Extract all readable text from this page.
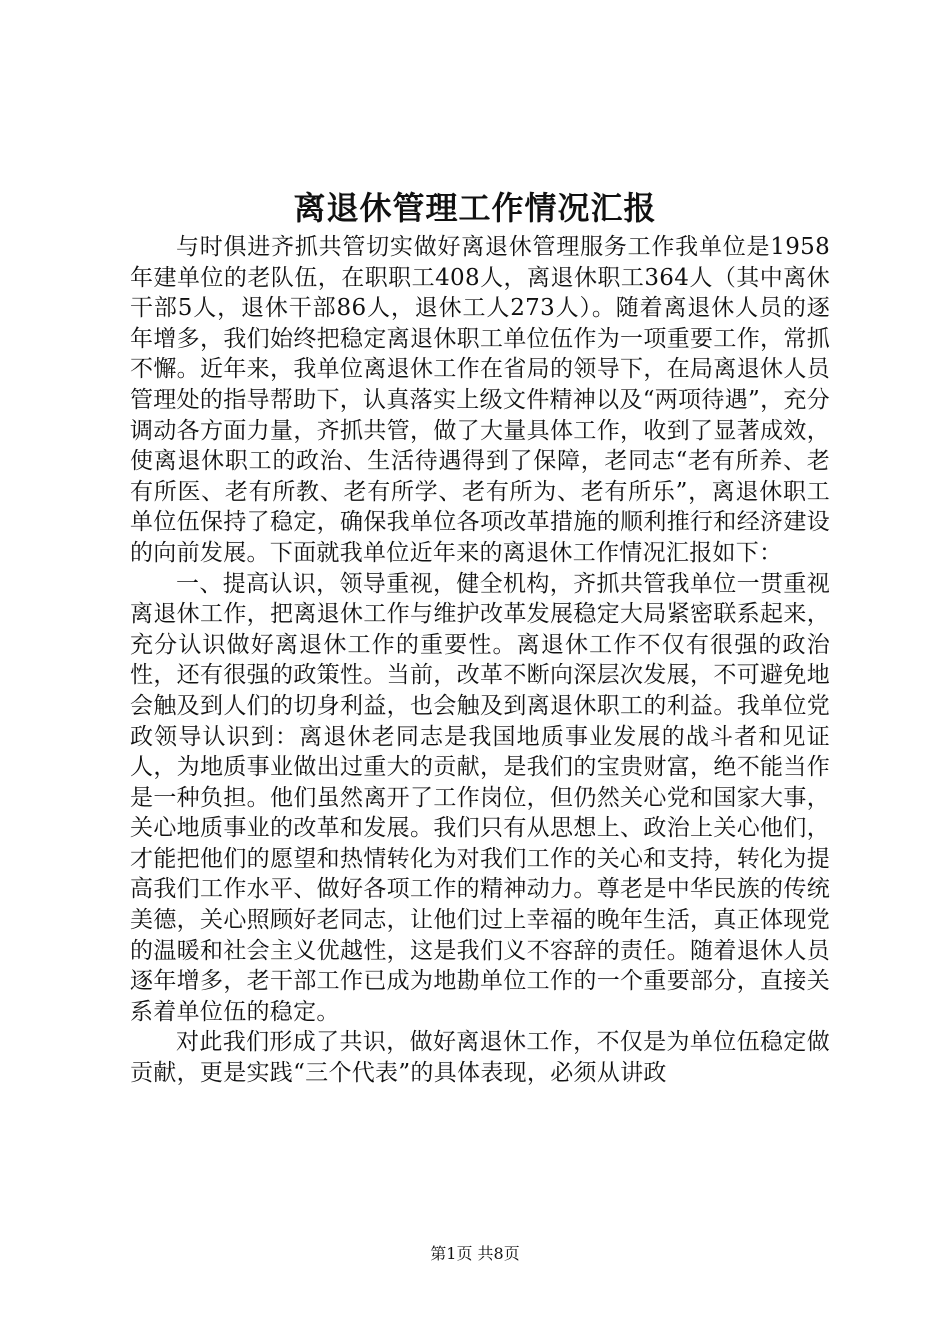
离退休管理工作情况汇报

与时俱进齐抓共管切实做好离退休管理服务工作我单位是1958年建单位的老队伍，在职职工408人，离退休职工364人（其中离休干部5人，退休干部86人，退休工人273人）。随着离退休人员的逐年增多，我们始终把稳定离退休职工单位伍作为一项重要工作，常抓不懈。近年来，我单位离退休工作在省局的领导下，在局离退休人员管理处的指导帮助下，认真落实上级文件精神以及“两项待遇”，充分调动各方面力量，齐抓共管，做了大量具体工作，收到了显著成效，使离退休职工的政治、生活待遇得到了保障，老同志“老有所养、老有所医、老有所教、老有所学、老有所为、老有所乐”，离退休职工单位伍保持了稳定，确保我单位各项改革措施的顺利推行和经济建设的向前发展。下面就我单位近年来的离退休工作情况汇报如下：

一、提高认识，领导重视，健全机构，齐抓共管我单位一贯重视离退休工作，把离退休工作与维护改革发展稳定大局紧密联系起来，充分认识做好离退休工作的重要性。离退休工作不仅有很强的政治性，还有很强的政策性。当前，改革不断向深层次发展，不可避免地会触及到人们的切身利益，也会触及到离退休职工的利益。我单位党政领导认识到：离退休老同志是我国地质事业发展的战斗者和见证人，为地质事业做出过重大的贡献，是我们的宝贵财富，绝不能当作是一种负担。他们虽然离开了工作岗位，但仍然关心党和国家大事，关心地质事业的改革和发展。我们只有从思想上、政治上关心他们，才能把他们的愿望和热情转化为对我们工作的关心和支持，转化为提高我们工作水平、做好各项工作的精神动力。尊老是中华民族的传统美德，关心照顾好老同志，让他们过上幸福的晚年生活，真正体现党的温暖和社会主义优越性，这是我们义不容辞的责任。随着退休人员逐年增多，老干部工作已成为地勘单位工作的一个重要部分，直接关系着单位伍的稳定。

对此我们形成了共识，做好离退休工作，不仅是为单位伍稳定做贡献，更是实践“三个代表”的具体表现，必须从讲政

第1页 共8页
